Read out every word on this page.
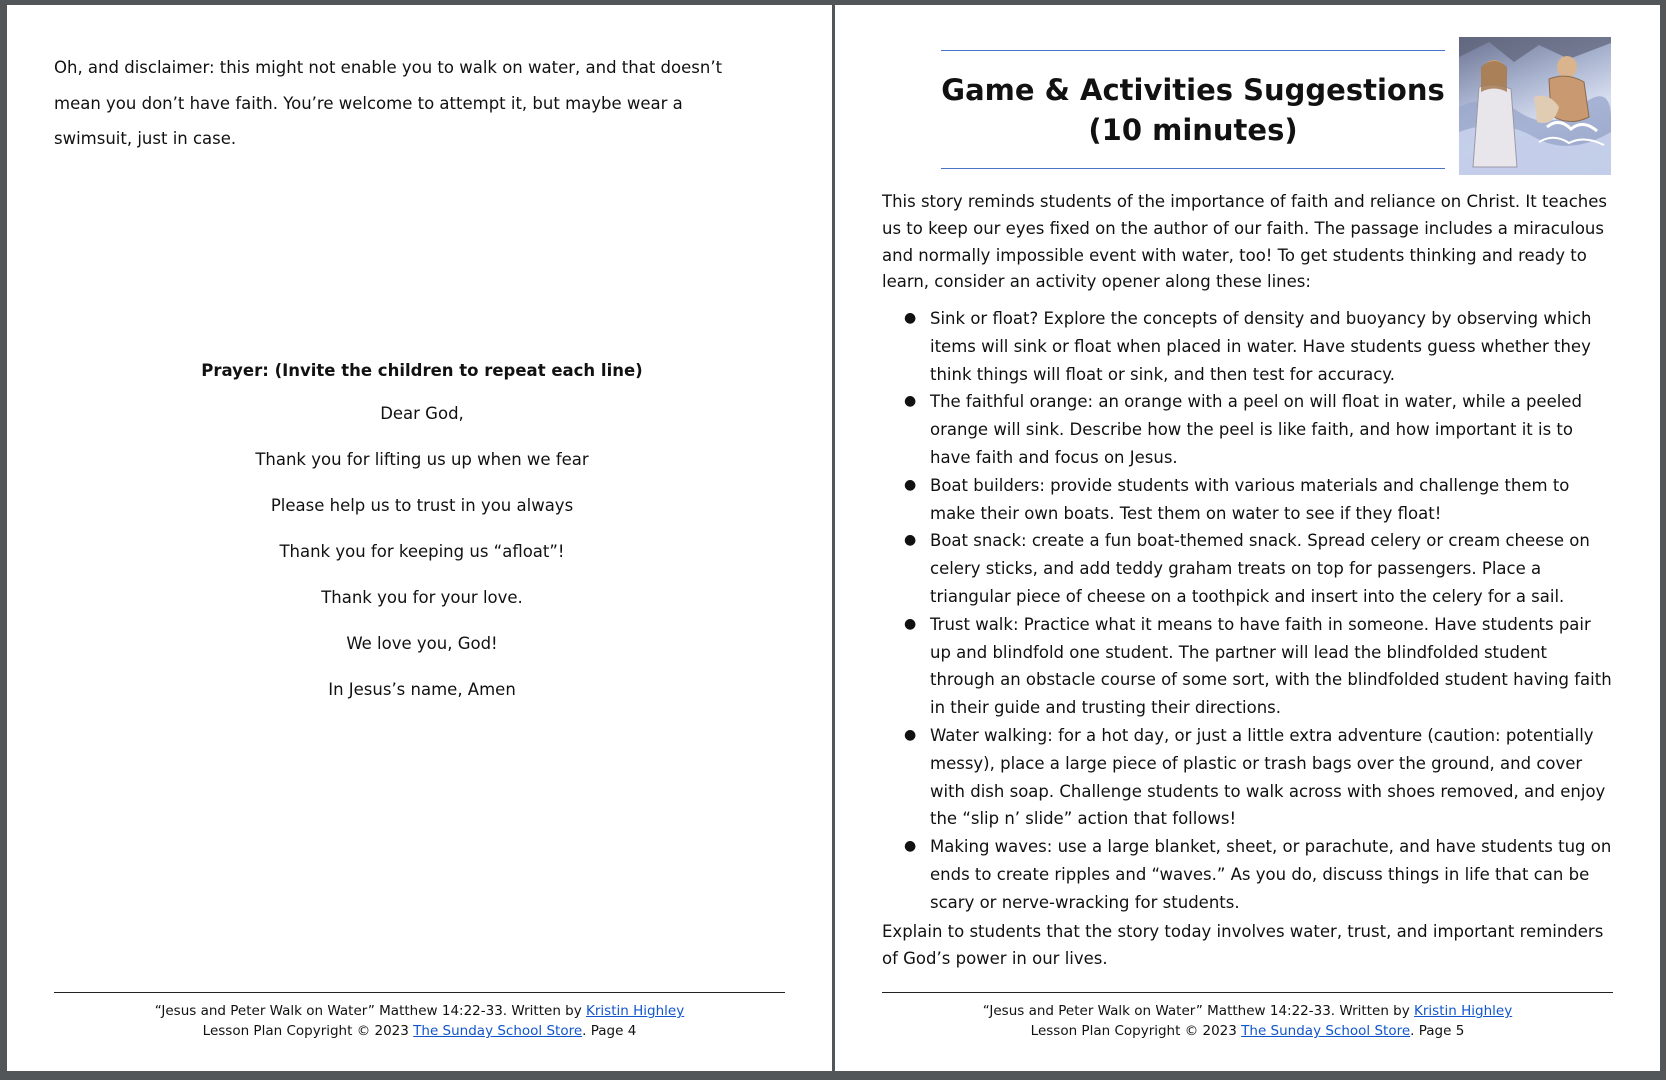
Oh, and disclaimer: this might not enable you to walk on water, and that doesn’t mean you don’t have faith. You’re welcome to attempt it, but maybe wear a swimsuit, just in case.

Prayer: (Invite the children to repeat each line)
Dear God,
Thank you for lifting us up when we fear
Please help us to trust in you always
Thank you for keeping us “afloat”!
Thank you for your love.
We love you, God!
In Jesus’s name, Amen
“Jesus and Peter Walk on Water” Matthew 14:22-33. Written by Kristin Highley
Lesson Plan Copyright © 2023 The Sunday School Store. Page 4
Game & Activities Suggestions
(10 minutes)

This story reminds students of the importance of faith and reliance on Christ. It teaches us to keep our eyes fixed on the author of our faith. The passage includes a miraculous and normally impossible event with water, too! To get students thinking and ready to learn, consider an activity opener along these lines:

● Sink or float? Explore the concepts of density and buoyancy by observing which items will sink or float when placed in water. Have students guess whether they think things will float or sink, and then test for accuracy.
● The faithful orange: an orange with a peel on will float in water, while a peeled orange will sink. Describe how the peel is like faith, and how important it is to have faith and focus on Jesus.
● Boat builders: provide students with various materials and challenge them to make their own boats. Test them on water to see if they float!
● Boat snack: create a fun boat-themed snack. Spread celery or cream cheese on celery sticks, and add teddy graham treats on top for passengers. Place a triangular piece of cheese on a toothpick and insert into the celery for a sail.
● Trust walk: Practice what it means to have faith in someone. Have students pair up and blindfold one student. The partner will lead the blindfolded student through an obstacle course of some sort, with the blindfolded student having faith in their guide and trusting their directions.
● Water walking: for a hot day, or just a little extra adventure (caution: potentially messy), place a large piece of plastic or trash bags over the ground, and cover with dish soap. Challenge students to walk across with shoes removed, and enjoy the “slip n’ slide” action that follows!
● Making waves: use a large blanket, sheet, or parachute, and have students tug on ends to create ripples and “waves.” As you do, discuss things in life that can be scary or nerve-wracking for students.

Explain to students that the story today involves water, trust, and important reminders of God’s power in our lives.

“Jesus and Peter Walk on Water” Matthew 14:22-33. Written by Kristin Highley
Lesson Plan Copyright © 2023 The Sunday School Store. Page 5
